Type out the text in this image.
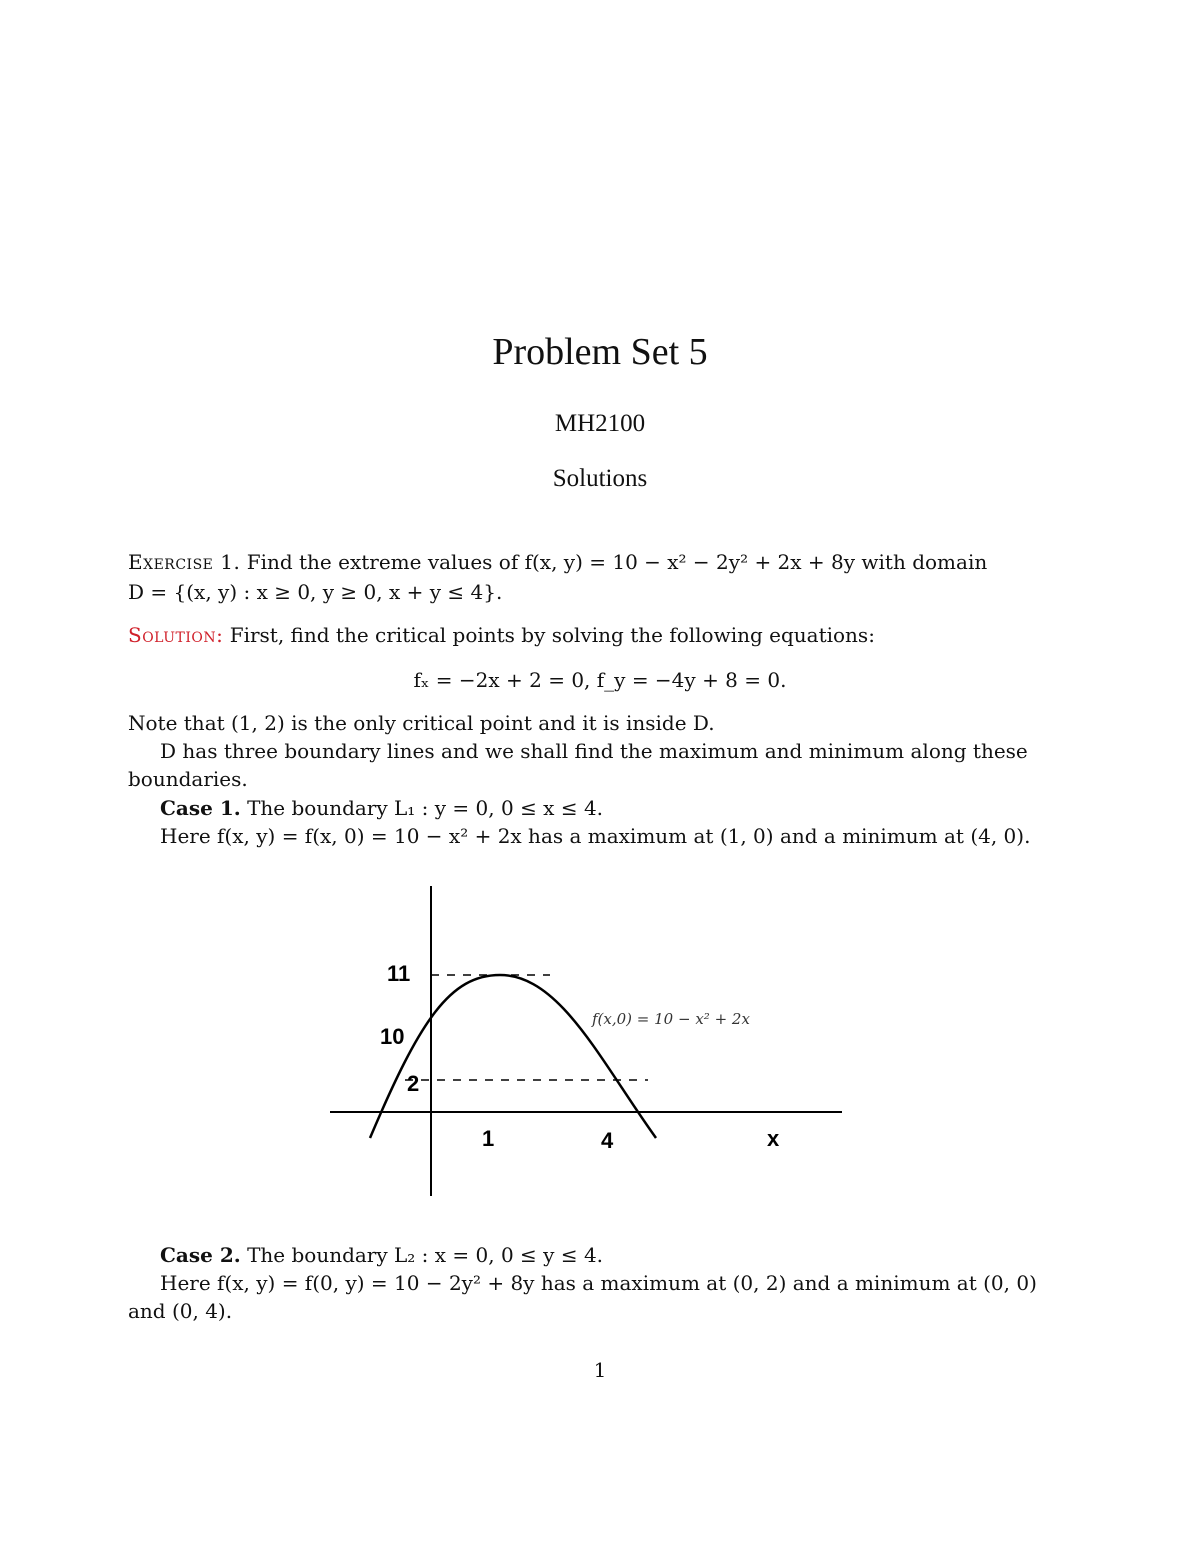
Problem Set 5
MH2100
Solutions
Exercise 1. Find the extreme values of f(x, y) = 10 − x² − 2y² + 2x + 8y with domain
D = {(x, y) : x ≥ 0, y ≥ 0, x + y ≤ 4}.
Solution: First, find the critical points by solving the following equations:
fₓ = −2x + 2 = 0, f_y = −4y + 8 = 0.
Note that (1, 2) is the only critical point and it is inside D.
D has three boundary lines and we shall find the maximum and minimum along these
boundaries.
Case 1. The boundary L₁ : y = 0, 0 ≤ x ≤ 4.
Here f(x, y) = f(x, 0) = 10 − x² + 2x has a maximum at (1, 0) and a minimum at (4, 0).
11
10
2
1	4	x
f(x,0) = 10 − x² + 2x
Case 2. The boundary L₂ : x = 0, 0 ≤ y ≤ 4.
Here f(x, y) = f(0, y) = 10 − 2y² + 8y has a maximum at (0, 2) and a minimum at (0, 0)
and (0, 4).
1
